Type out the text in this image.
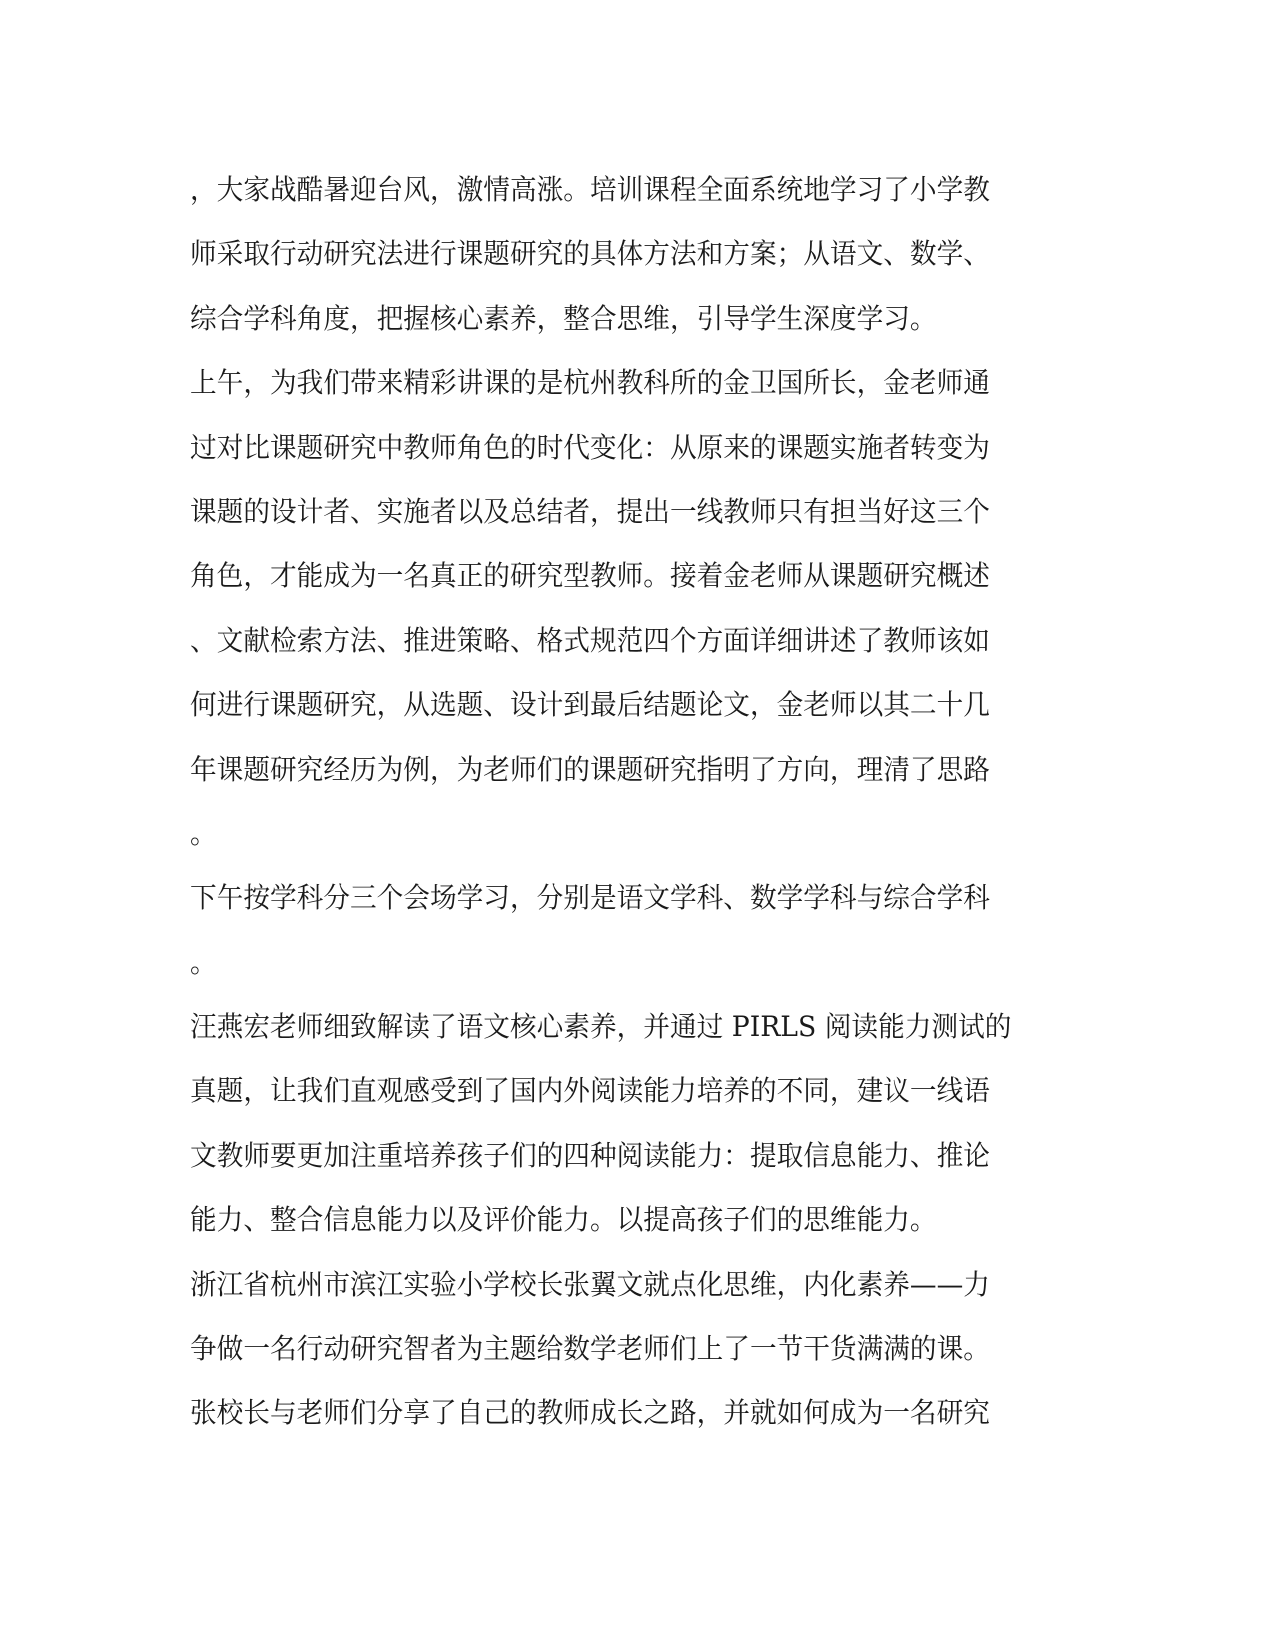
，大家战酷暑迎台风，激情高涨。培训课程全面系统地学习了小学教
师采取行动研究法进行课题研究的具体方法和方案；从语文、数学、
综合学科角度，把握核心素养，整合思维，引导学生深度学习。
上午，为我们带来精彩讲课的是杭州教科所的金卫国所长，金老师通
过对比课题研究中教师角色的时代变化：从原来的课题实施者转变为
课题的设计者、实施者以及总结者，提出一线教师只有担当好这三个
角色，才能成为一名真正的研究型教师。接着金老师从课题研究概述
、文献检索方法、推进策略、格式规范四个方面详细讲述了教师该如
何进行课题研究，从选题、设计到最后结题论文，金老师以其二十几
年课题研究经历为例，为老师们的课题研究指明了方向，理清了思路
。
下午按学科分三个会场学习，分别是语文学科、数学学科与综合学科
。
汪燕宏老师细致解读了语文核心素养，并通过 PIRLS 阅读能力测试的
真题，让我们直观感受到了国内外阅读能力培养的不同，建议一线语
文教师要更加注重培养孩子们的四种阅读能力：提取信息能力、推论
能力、整合信息能力以及评价能力。以提高孩子们的思维能力。
浙江省杭州市滨江实验小学校长张翼文就点化思维，内化素养——力
争做一名行动研究智者为主题给数学老师们上了一节干货满满的课。
张校长与老师们分享了自己的教师成长之路，并就如何成为一名研究
